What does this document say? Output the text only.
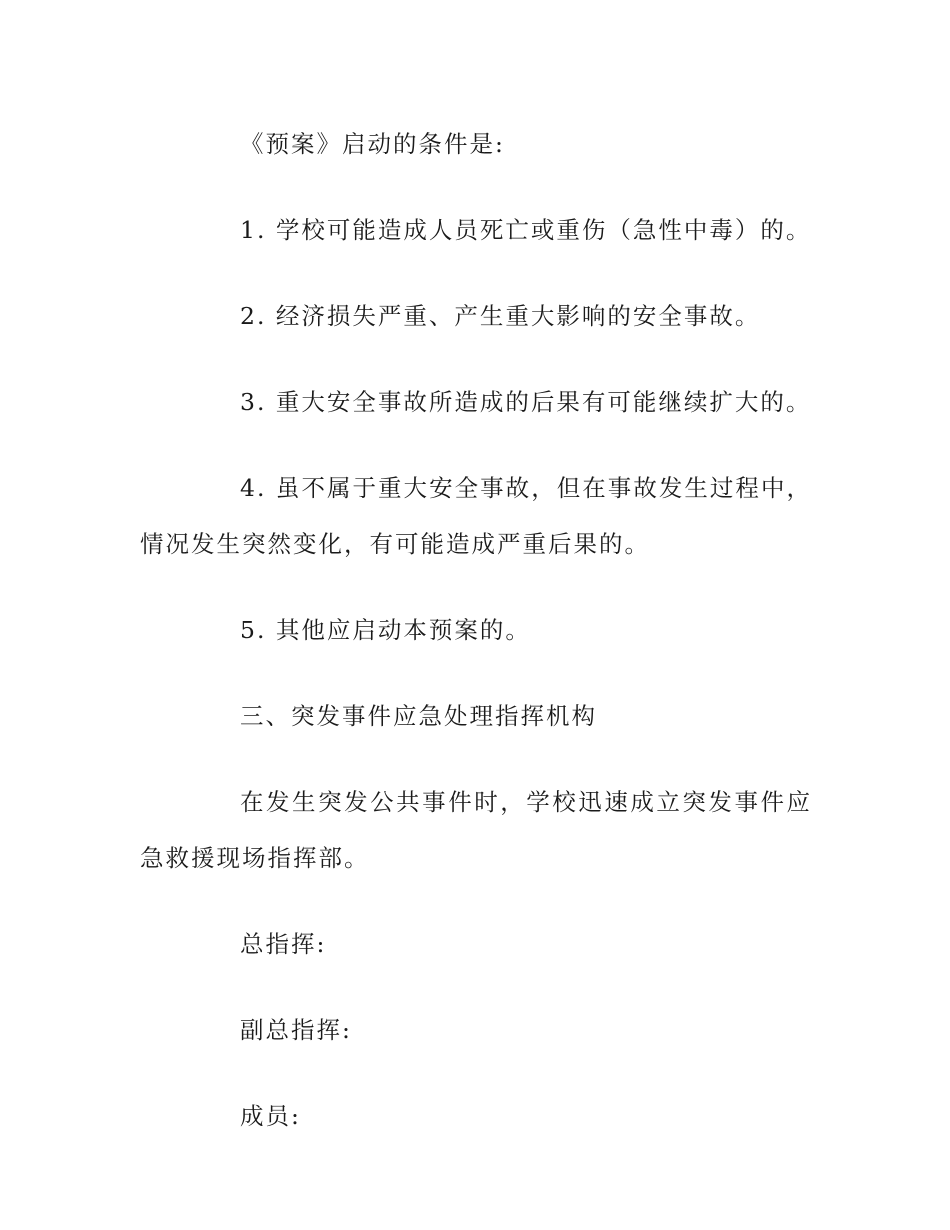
《预案》启动的条件是:

1. 学校可能造成人员死亡或重伤（急性中毒）的。

2. 经济损失严重、产生重大影响的安全事故。

3. 重大安全事故所造成的后果有可能继续扩大的。

4. 虽不属于重大安全事故，但在事故发生过程中，情况发生突然变化，有可能造成严重后果的。

5. 其他应启动本预案的。

三、突发事件应急处理指挥机构

在发生突发公共事件时，学校迅速成立突发事件应急救援现场指挥部。

总指挥:

副总指挥:

成员:
